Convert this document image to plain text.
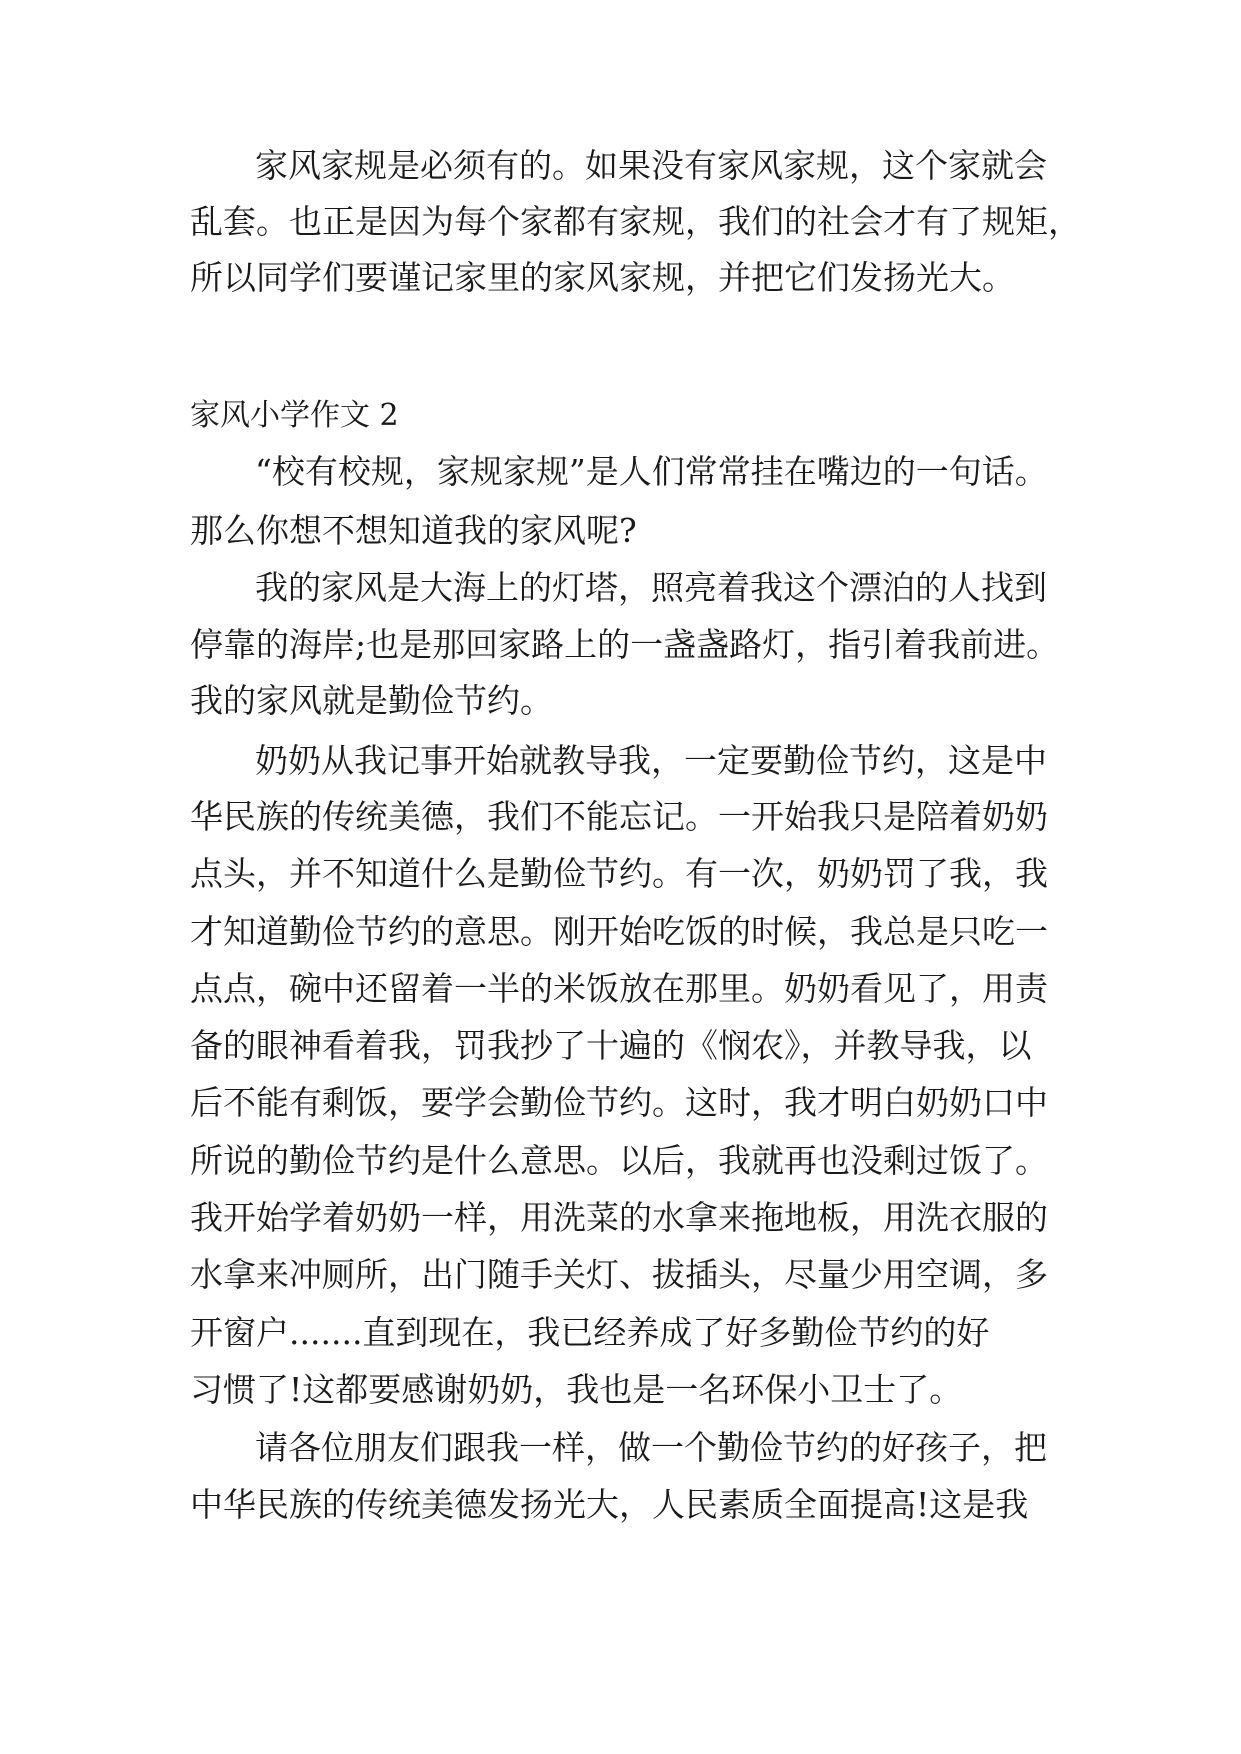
家风家规是必须有的。如果没有家风家规，这个家就会
乱套。也正是因为每个家都有家规，我们的社会才有了规矩，
所以同学们要谨记家里的家风家规，并把它们发扬光大。
家风小学作文 2
“校有校规，家规家规”是人们常常挂在嘴边的一句话。
那么你想不想知道我的家风呢?
我的家风是大海上的灯塔，照亮着我这个漂泊的人找到
停靠的海岸;也是那回家路上的一盏盏路灯，指引着我前进。
我的家风就是勤俭节约。
奶奶从我记事开始就教导我，一定要勤俭节约，这是中
华民族的传统美德，我们不能忘记。一开始我只是陪着奶奶
点头，并不知道什么是勤俭节约。有一次，奶奶罚了我，我
才知道勤俭节约的意思。刚开始吃饭的时候，我总是只吃一
点点，碗中还留着一半的米饭放在那里。奶奶看见了，用责
备的眼神看着我，罚我抄了十遍的《悯农》，并教导我，以
后不能有剩饭，要学会勤俭节约。这时，我才明白奶奶口中
所说的勤俭节约是什么意思。以后，我就再也没剩过饭了。
我开始学着奶奶一样，用洗菜的水拿来拖地板，用洗衣服的
水拿来冲厕所，出门随手关灯、拔插头，尽量少用空调，多
开窗户.......直到现在，我已经养成了好多勤俭节约的好
习惯了!这都要感谢奶奶，我也是一名环保小卫士了。
请各位朋友们跟我一样，做一个勤俭节约的好孩子，把
中华民族的传统美德发扬光大，人民素质全面提高!这是我
